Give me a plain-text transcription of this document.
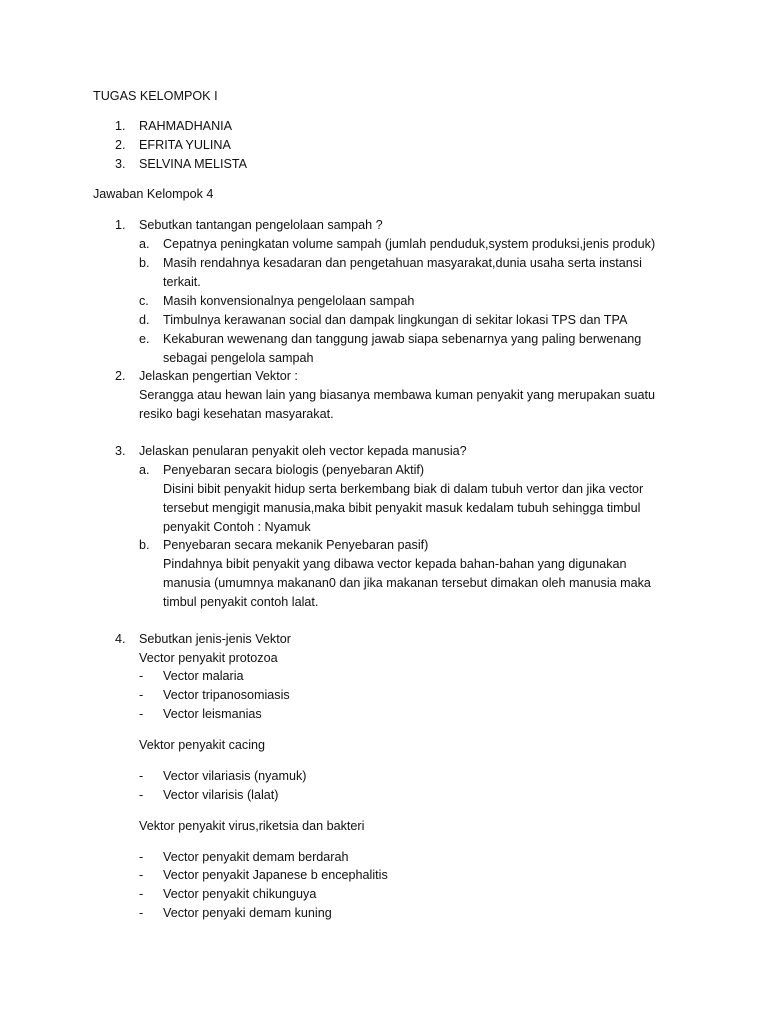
TUGAS KELOMPOK I
1. RAHMADHANIA
2. EFRITA YULINA
3. SELVINA MELISTA
Jawaban Kelompok 4
1. Sebutkan tantangan pengelolaan sampah ?
a. Cepatnya peningkatan volume sampah (jumlah penduduk,system produksi,jenis produk)
b. Masih rendahnya kesadaran dan pengetahuan masyarakat,dunia usaha serta instansi
terkait.
c. Masih konvensionalnya pengelolaan sampah
d. Timbulnya kerawanan social dan dampak lingkungan di sekitar lokasi TPS dan TPA
e. Kekaburan wewenang dan tanggung jawab siapa sebenarnya yang paling berwenang
sebagai pengelola sampah
2. Jelaskan pengertian Vektor :
Serangga atau hewan lain yang biasanya membawa kuman penyakit yang merupakan suatu
resiko bagi kesehatan masyarakat.
3. Jelaskan penularan penyakit oleh vector kepada manusia?
a. Penyebaran secara biologis (penyebaran Aktif)
Disini bibit penyakit hidup serta berkembang biak di dalam tubuh vertor dan jika vector
tersebut mengigit manusia,maka bibit penyakit masuk kedalam tubuh sehingga timbul
penyakit Contoh : Nyamuk
b. Penyebaran secara mekanik Penyebaran pasif)
Pindahnya bibit penyakit yang dibawa vector kepada bahan-bahan yang digunakan
manusia (umumnya makanan0 dan jika makanan tersebut dimakan oleh manusia maka
timbul penyakit contoh lalat.
4. Sebutkan jenis-jenis Vektor
Vector penyakit protozoa
- Vector malaria
- Vector tripanosomiasis
- Vector leismanias
Vektor penyakit cacing
- Vector vilariasis (nyamuk)
- Vector vilarisis (lalat)
Vektor penyakit virus,riketsia dan bakteri
- Vector penyakit demam berdarah
- Vector penyakit Japanese b encephalitis
- Vector penyakit chikunguya
- Vector penyaki demam kuning
